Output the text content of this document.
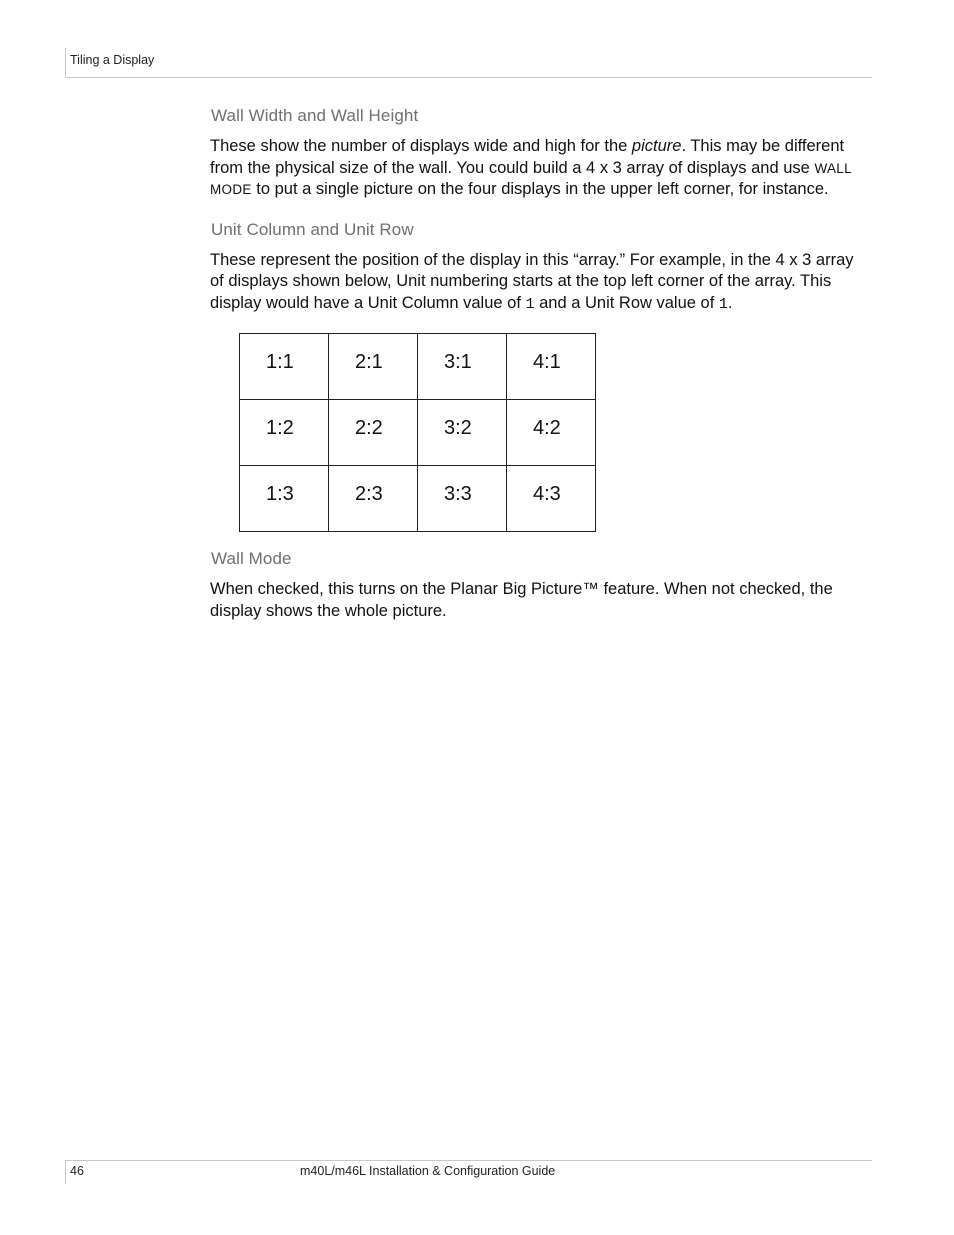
Tiling a Display
Wall Width and Wall Height

These show the number of displays wide and high for the picture. This may be different from the physical size of the wall. You could build a 4 x 3 array of displays and use WALL MODE to put a single picture on the four displays in the upper left corner, for instance.

Unit Column and Unit Row

These represent the position of the display in this “array.” For example, in the 4 x 3 array of displays shown below, Unit numbering starts at the top left corner of the array. This display would have a Unit Column value of 1 and a Unit Row value of 1.

1:1	2:1	3:1	4:1
1:2	2:2	3:2	4:2
1:3	2:3	3:3	4:3
Wall Mode

When checked, this turns on the Planar Big Picture™ feature. When not checked, the display shows the whole picture.

46	m40L/m46L Installation & Configuration Guide
